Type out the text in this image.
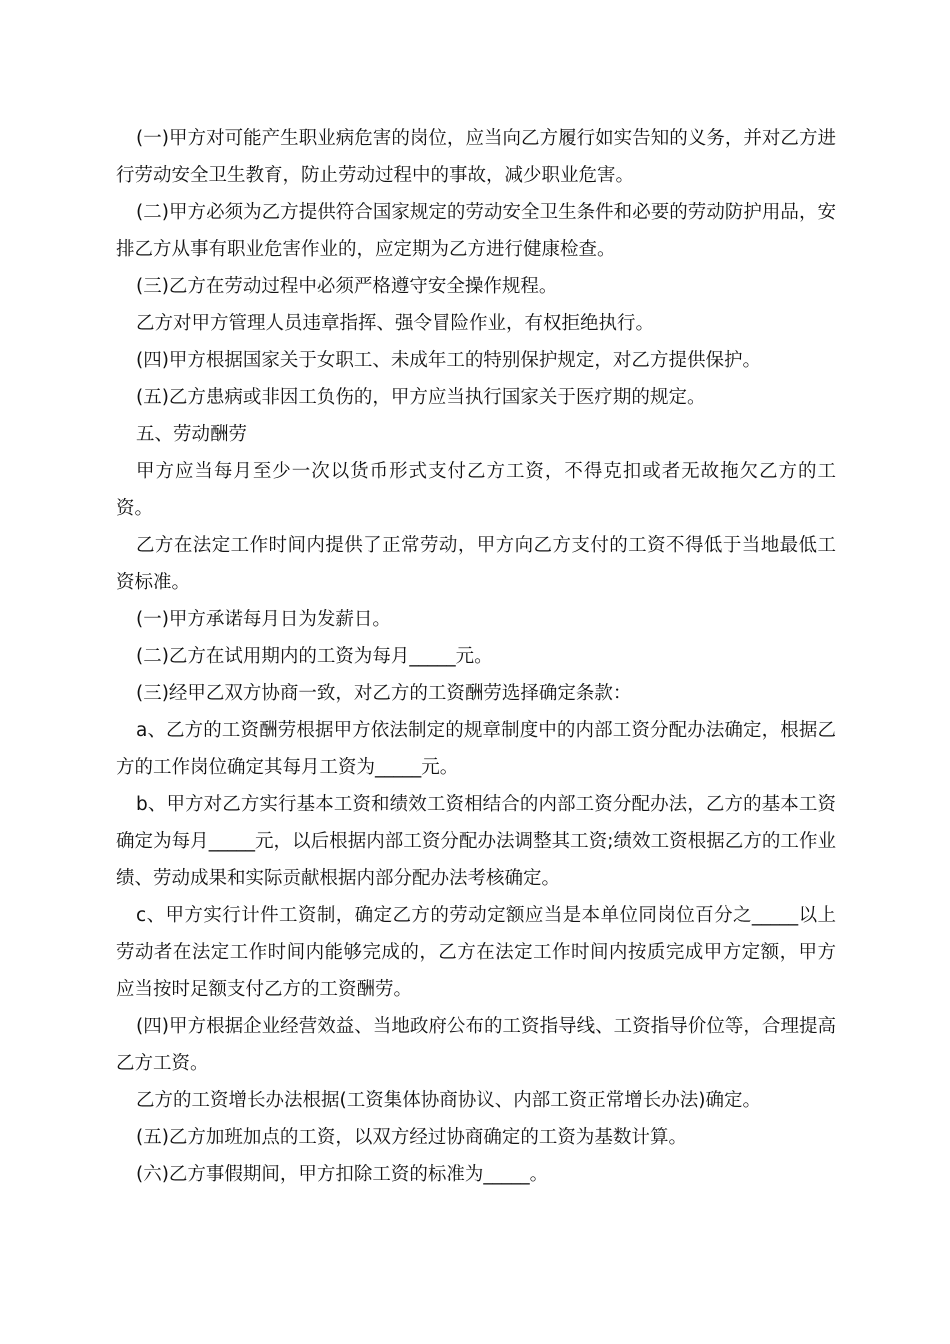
(一)甲方对可能产生职业病危害的岗位，应当向乙方履行如实告知的义务，并对乙方进行劳动安全卫生教育，防止劳动过程中的事故，减少职业危害。

(二)甲方必须为乙方提供符合国家规定的劳动安全卫生条件和必要的劳动防护用品，安排乙方从事有职业危害作业的，应定期为乙方进行健康检查。

(三)乙方在劳动过程中必须严格遵守安全操作规程。

乙方对甲方管理人员违章指挥、强令冒险作业，有权拒绝执行。

(四)甲方根据国家关于女职工、未成年工的特别保护规定，对乙方提供保护。

(五)乙方患病或非因工负伤的，甲方应当执行国家关于医疗期的规定。

五、劳动酬劳

甲方应当每月至少一次以货币形式支付乙方工资，不得克扣或者无故拖欠乙方的工资。

乙方在法定工作时间内提供了正常劳动，甲方向乙方支付的工资不得低于当地最低工资标准。

(一)甲方承诺每月日为发薪日。

(二)乙方在试用期内的工资为每月_____元。

(三)经甲乙双方协商一致，对乙方的工资酬劳选择确定条款：

a、乙方的工资酬劳根据甲方依法制定的规章制度中的内部工资分配办法确定，根据乙方的工作岗位确定其每月工资为_____元。

b、甲方对乙方实行基本工资和绩效工资相结合的内部工资分配办法，乙方的基本工资确定为每月_____元，以后根据内部工资分配办法调整其工资;绩效工资根据乙方的工作业绩、劳动成果和实际贡献根据内部分配办法考核确定。

c、甲方实行计件工资制，确定乙方的劳动定额应当是本单位同岗位百分之_____以上劳动者在法定工作时间内能够完成的，乙方在法定工作时间内按质完成甲方定额，甲方应当按时足额支付乙方的工资酬劳。

(四)甲方根据企业经营效益、当地政府公布的工资指导线、工资指导价位等，合理提高乙方工资。

乙方的工资增长办法根据(工资集体协商协议、内部工资正常增长办法)确定。

(五)乙方加班加点的工资，以双方经过协商确定的工资为基数计算。

(六)乙方事假期间，甲方扣除工资的标准为_____。
